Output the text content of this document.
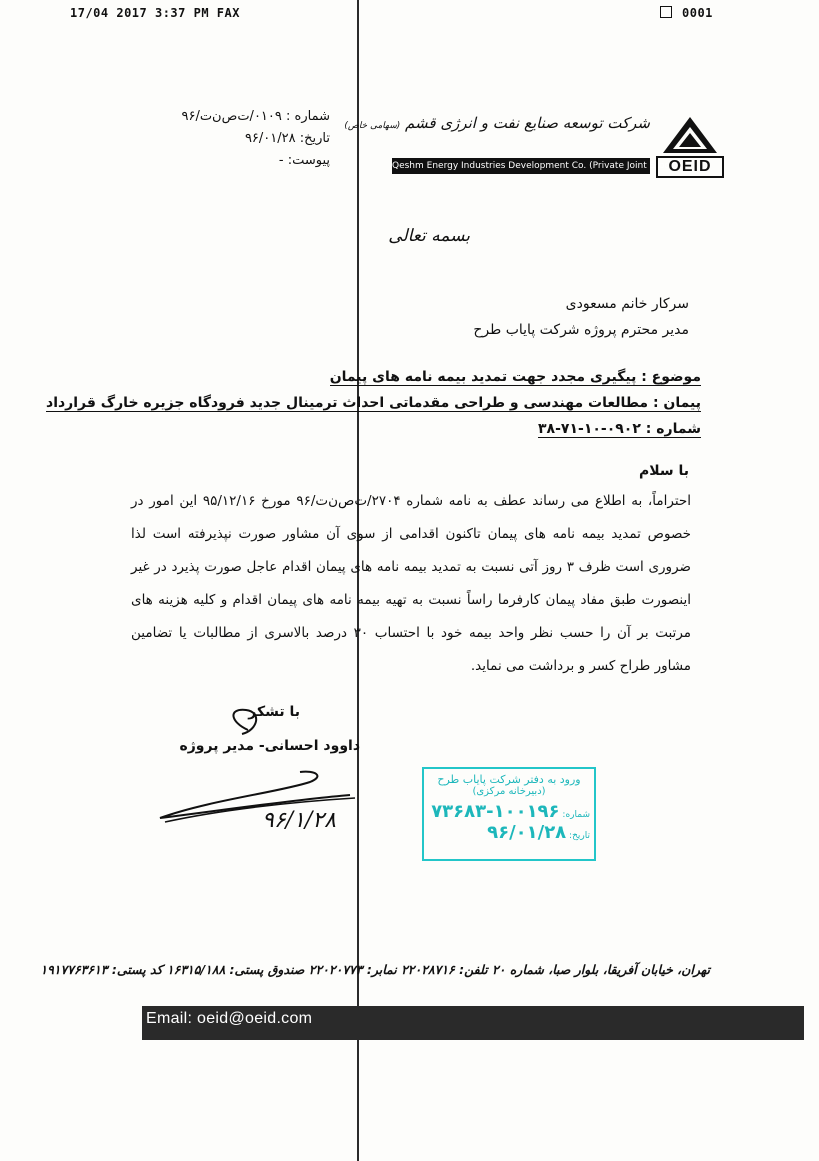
17/04 2017 3:37 PM FAX	0001
شماره : ۰۱۰۹/ت‌ص‌ن‌ت/۹۶
تاریخ: ۹۶/۰۱/۲۸
پیوست: -
شرکت توسعه صنایع نفت و انرژی قشم (سهامی خاص)
Qeshm Energy Industries Development Co. (Private Joint Stock)
OEID
بسمه تعالی
سرکار خانم مسعودی
مدیر محترم پروژه شرکت پایاب طرح
موضوع : پیگیری مجدد جهت تمدید بیمه نامه های پیمان
پیمان : مطالعات مهندسی و طراحی مقدماتی احداث ترمینال جدید فرودگاه جزیره خارگ قرارداد
شماره : ۰۹۰۲-۱۰-۷۱-۳۸
با سلام
احتراماً، به اطلاع می رساند عطف به نامه شماره ۲۷۰۴/ت‌ص‌ن‌ت/۹۶ مورخ ۹۵/۱۲/۱۶ این امور در خصوص تمدید بیمه نامه های پیمان تاکنون اقدامی از سوی آن مشاور صورت نپذیرفته است لذا ضروری است ظرف ۳ روز آتی نسبت به تمدید بیمه نامه های پیمان اقدام عاجل صورت پذیرد در غیر اینصورت طبق مفاد پیمان کارفرما راساً نسبت به تهیه بیمه نامه های پیمان اقدام و کلیه هزینه های مرتبت بر آن را حسب نظر واحد بیمه خود با احتساب ۳۰ درصد بالاسری از مطالبات یا تضامین مشاور طراح کسر و برداشت می نماید.
با تشکر
داوود احسانی- مدیر پروژه
۹۶/۱/۲۸
ورود به دفتر شرکت پایاب طرح
(دبیرخانه مرکزی)
شماره: ۱۰۰۱۹۶-۷۳۶۸۳
تاریخ: ۹۶/۰۱/۲۸
تهران، خیابان آفریقا، بلوار صبا، شماره ۲۰ تلفن: ۲۲۰۲۸۷۱۶ نمابر: ۲۲۰۲۰۷۷۳ صندوق پستی: ۱۶۳۱۵/۱۸۸ کد پستی: ۱۹۱۷۷۶۳۶۱۳
Email: oeid@oeid.com
